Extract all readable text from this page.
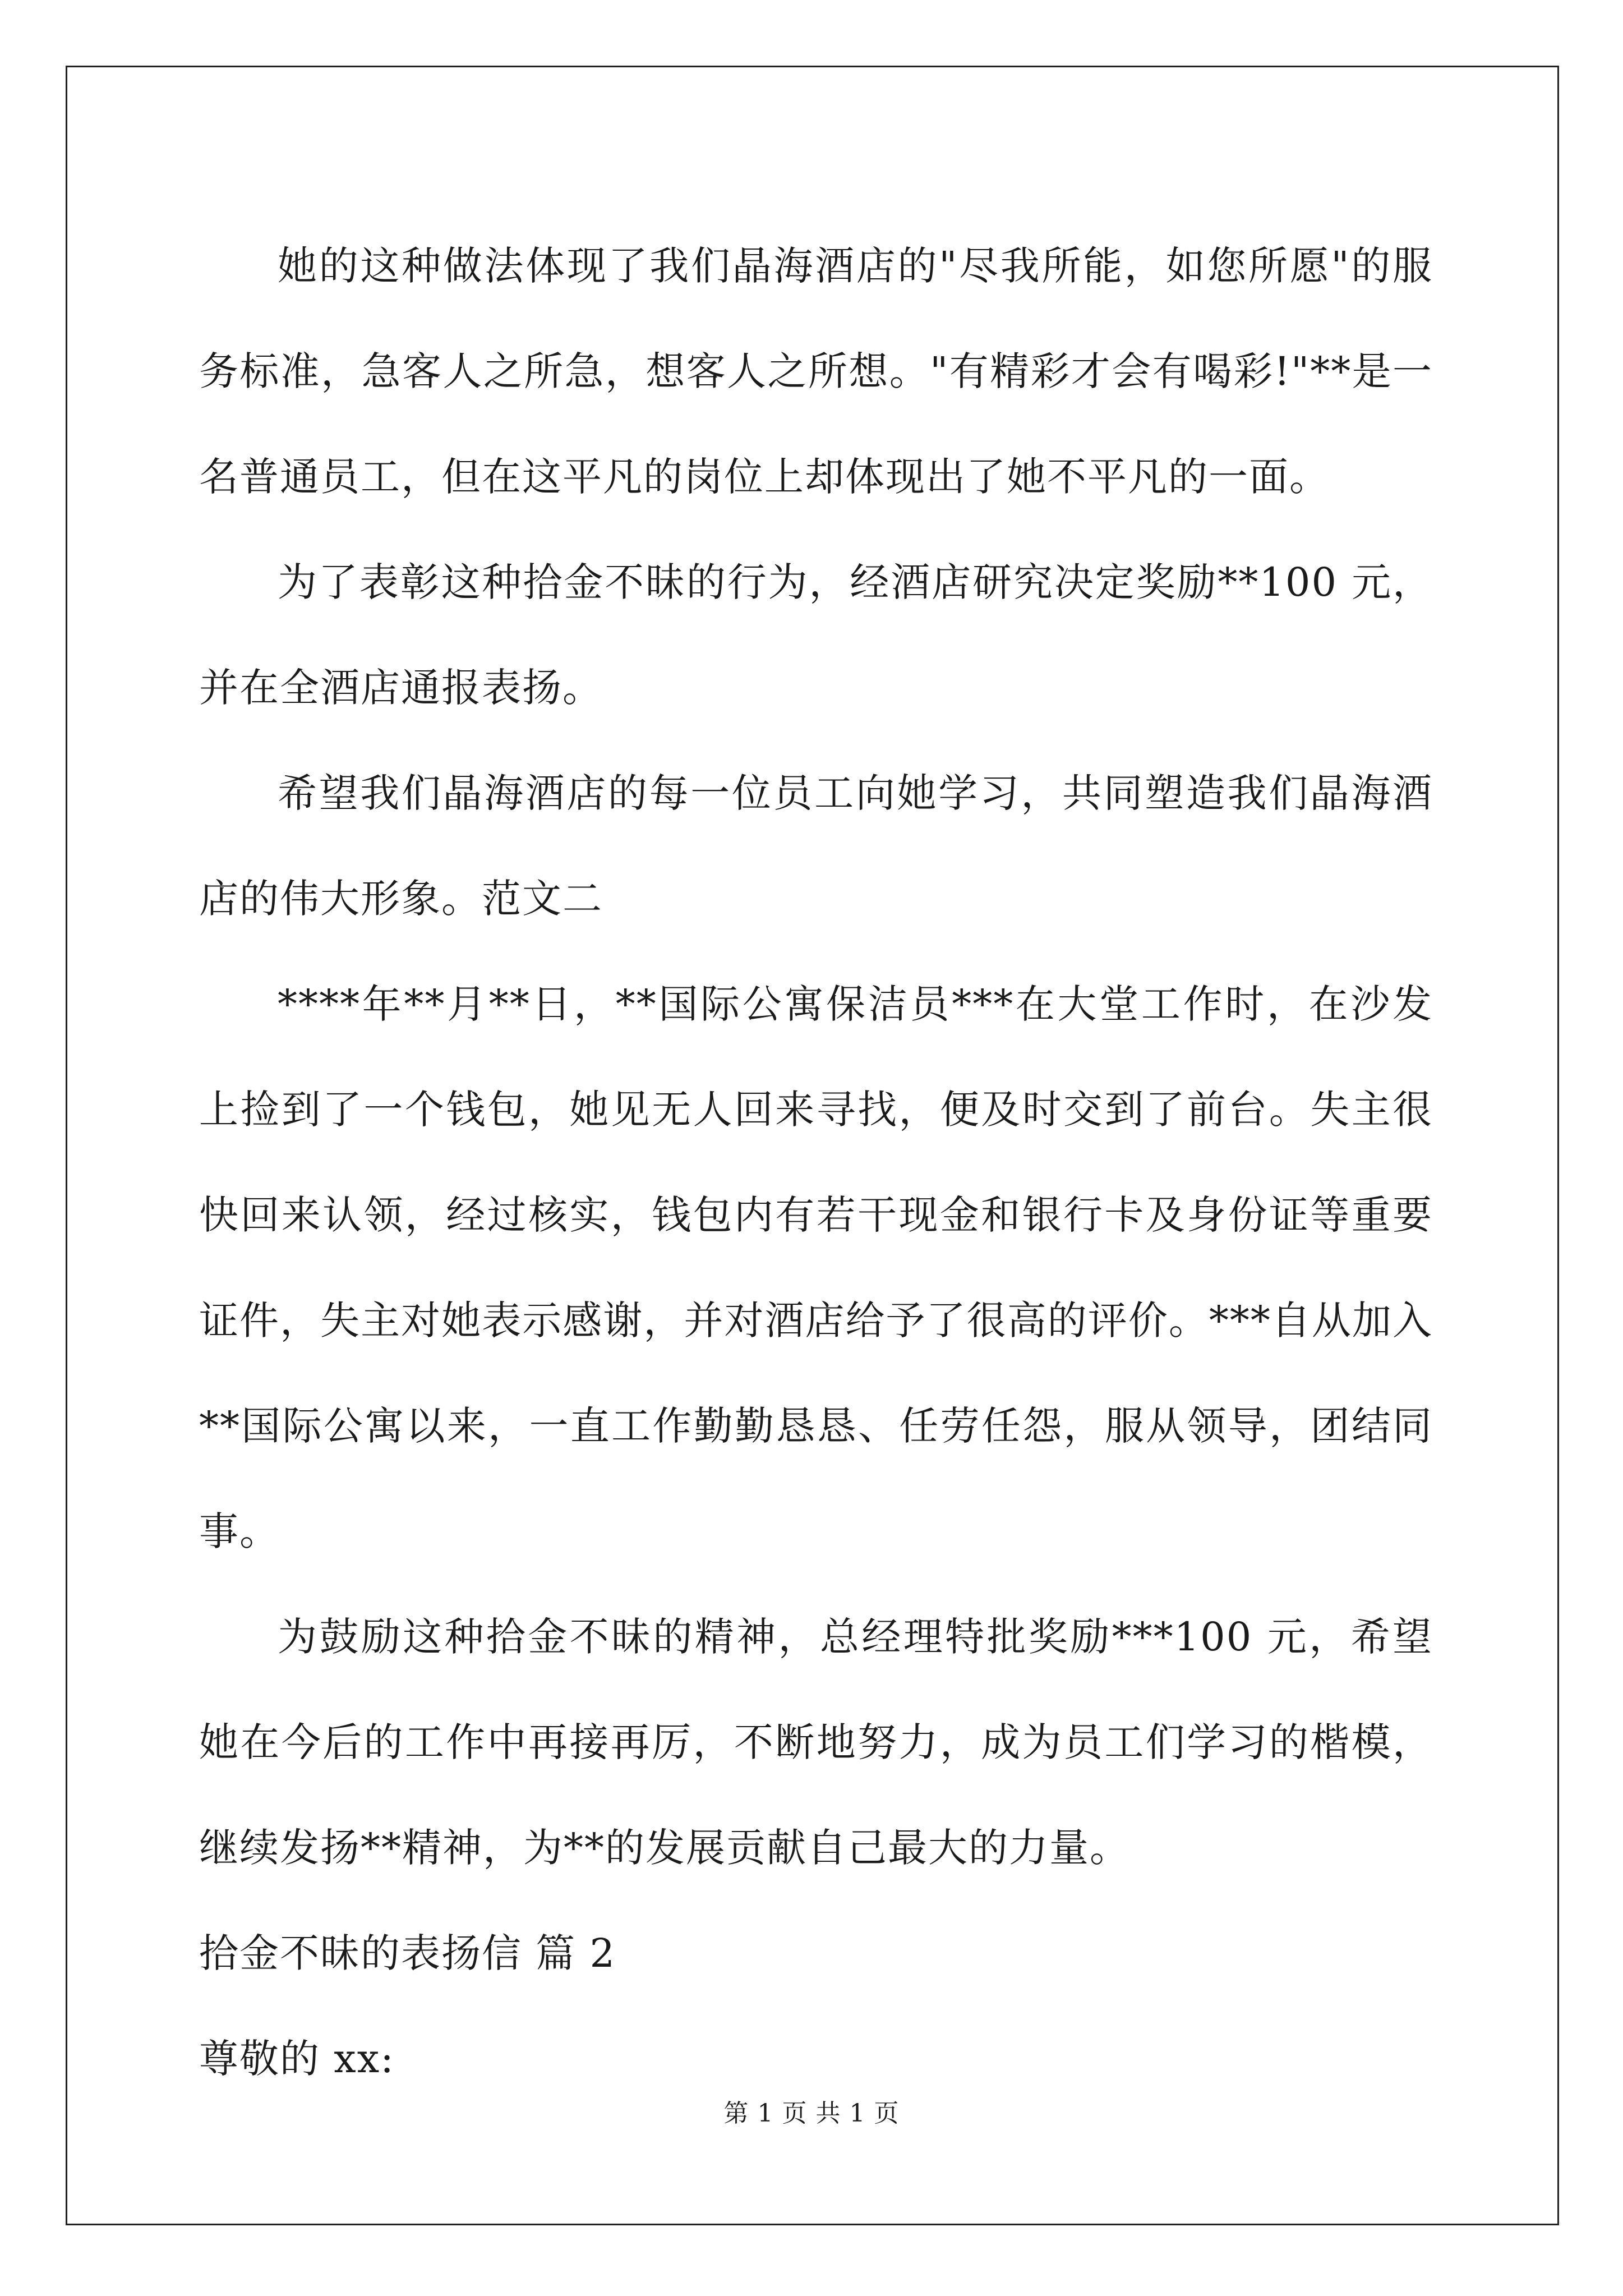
她的这种做法体现了我们晶海酒店的"尽我所能，如您所愿"的服务标准，急客人之所急，想客人之所想。"有精彩才会有喝彩!"**是一名普通员工，但在这平凡的岗位上却体现出了她不平凡的一面。

为了表彰这种拾金不昧的行为，经酒店研究决定奖励**100 元，并在全酒店通报表扬。

希望我们晶海酒店的每一位员工向她学习，共同塑造我们晶海酒店的伟大形象。范文二

****年**月**日，**国际公寓保洁员***在大堂工作时，在沙发上捡到了一个钱包，她见无人回来寻找，便及时交到了前台。失主很快回来认领，经过核实，钱包内有若干现金和银行卡及身份证等重要证件，失主对她表示感谢，并对酒店给予了很高的评价。***自从加入**国际公寓以来，一直工作勤勤恳恳、任劳任怨，服从领导，团结同事。

为鼓励这种拾金不昧的精神，总经理特批奖励***100 元，希望她在今后的工作中再接再厉，不断地努力，成为员工们学习的楷模，继续发扬**精神，为**的发展贡献自己最大的力量。

拾金不昧的表扬信 篇 2

尊敬的 xx:

第 1 页 共 1 页
